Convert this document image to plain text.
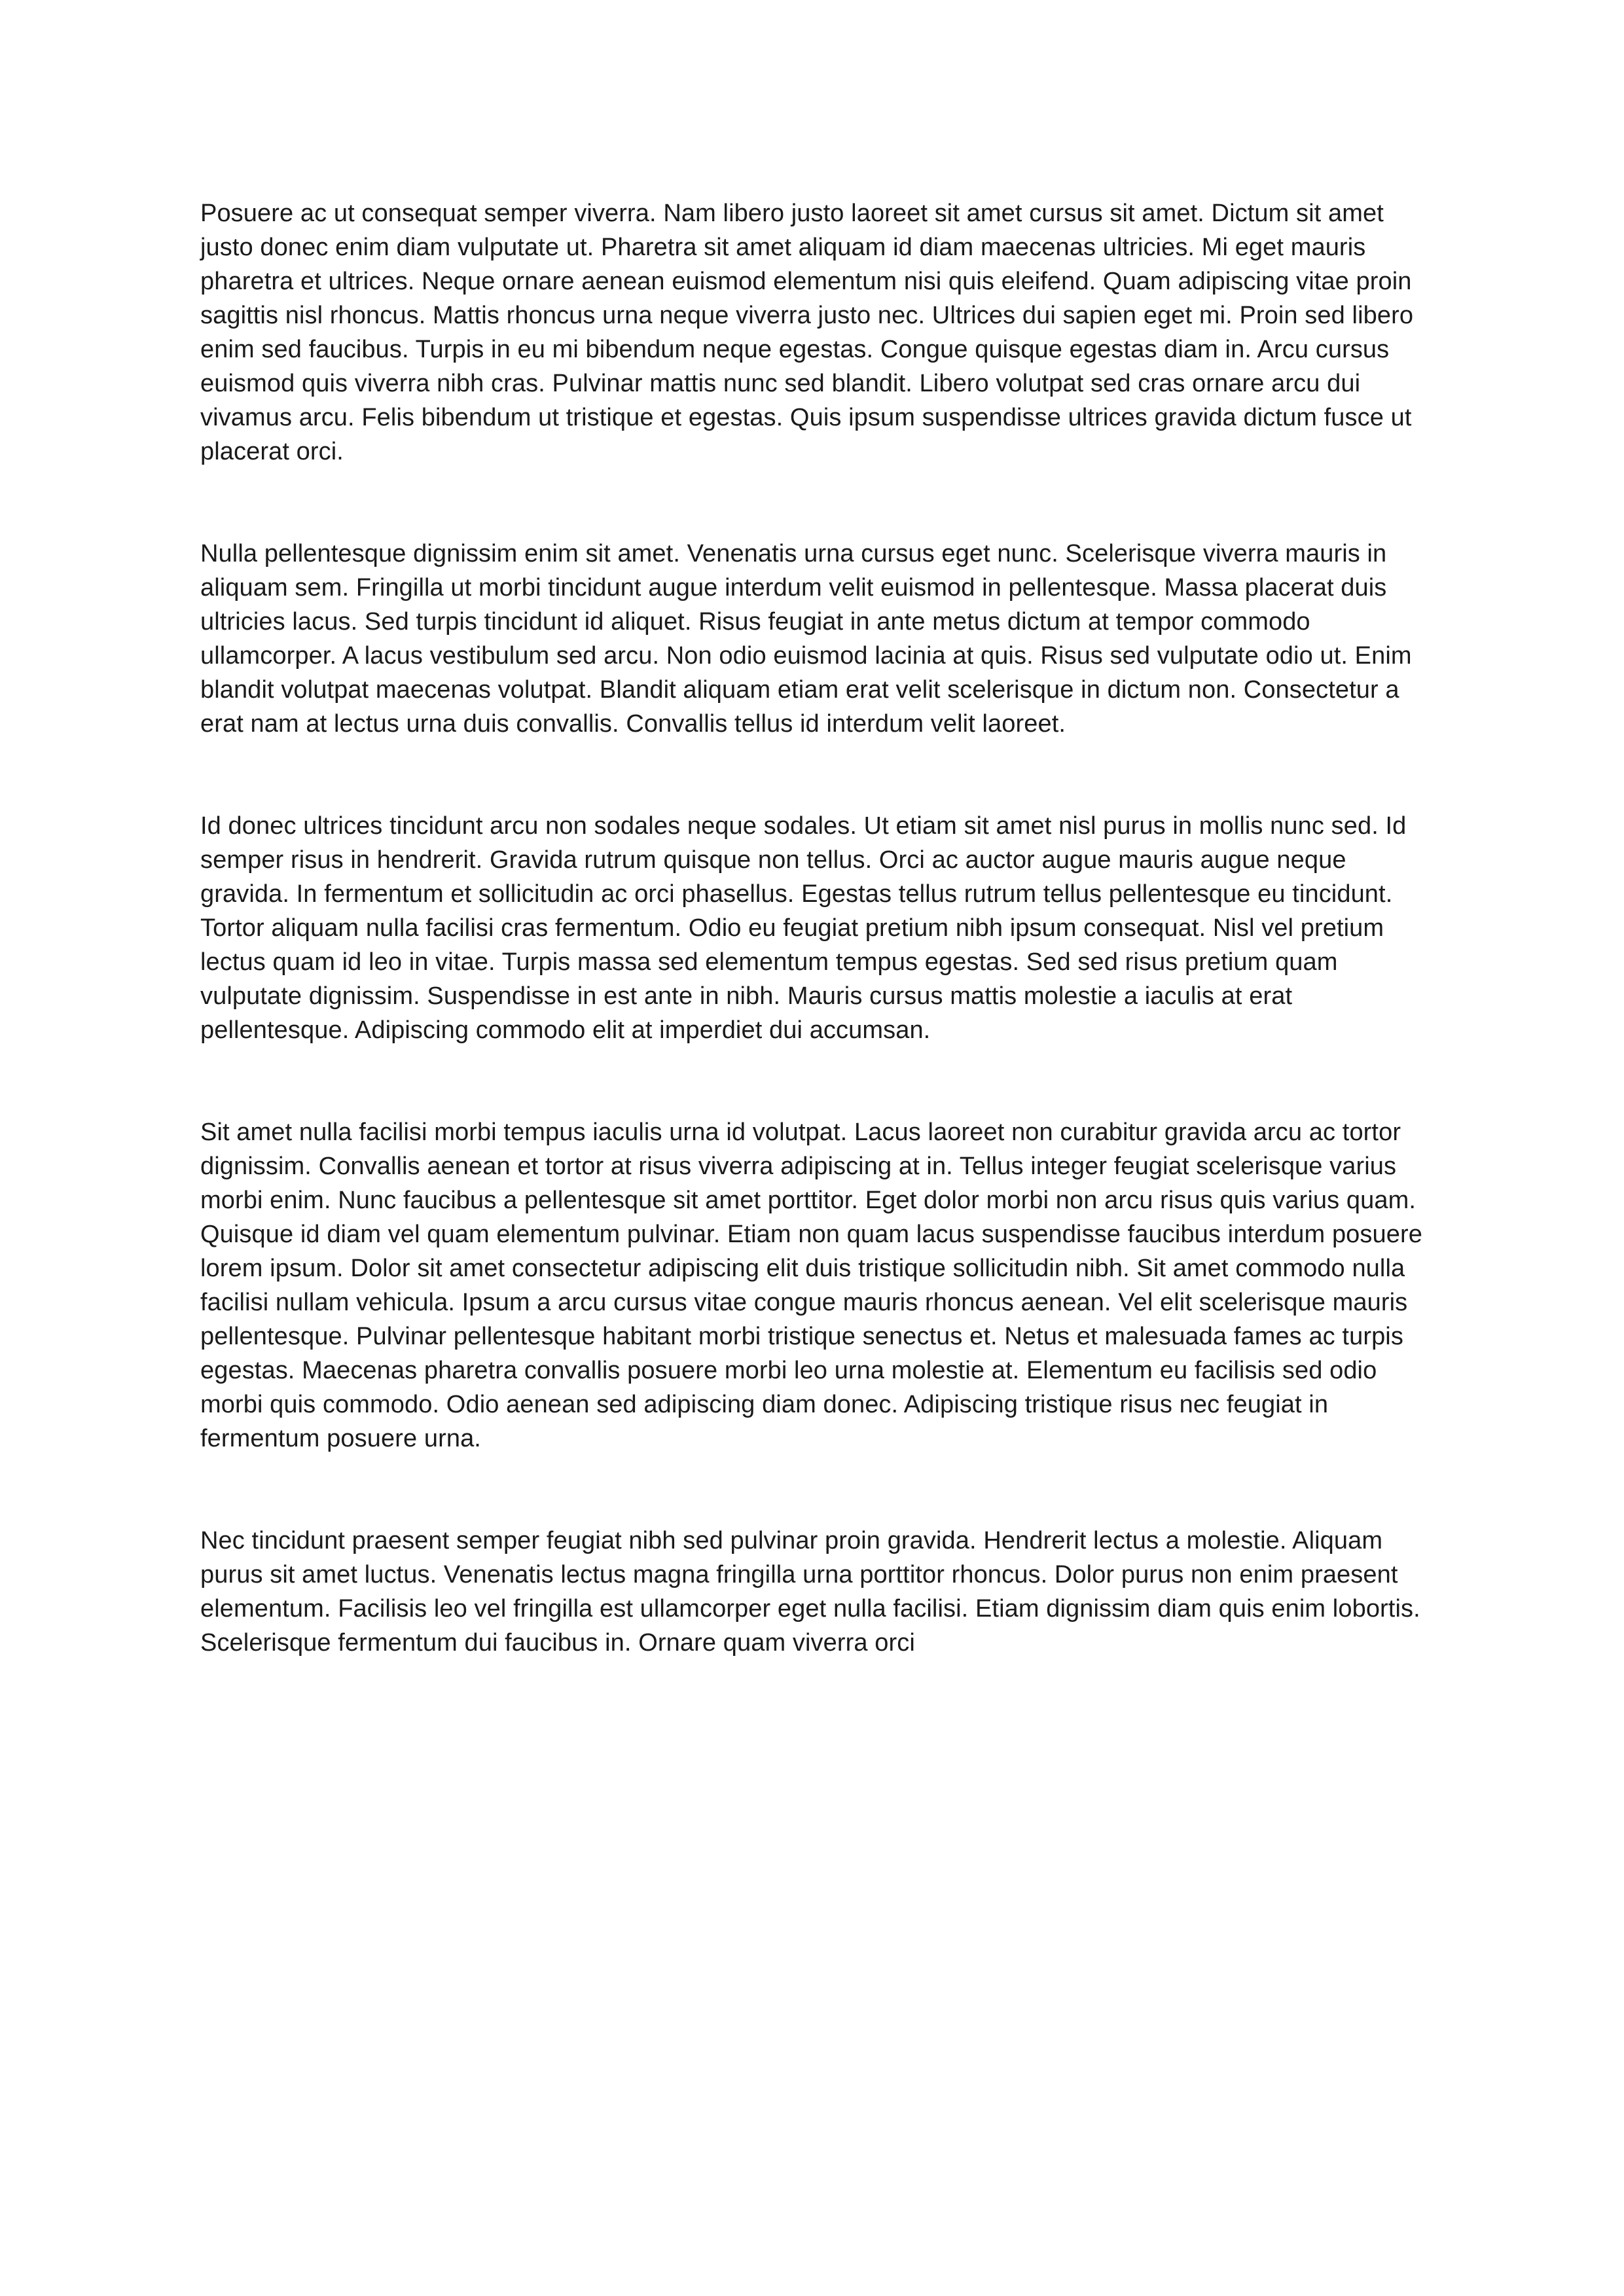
Posuere ac ut consequat semper viverra. Nam libero justo laoreet sit amet cursus sit amet. Dictum sit amet justo donec enim diam vulputate ut. Pharetra sit amet aliquam id diam maecenas ultricies. Mi eget mauris pharetra et ultrices. Neque ornare aenean euismod elementum nisi quis eleifend. Quam adipiscing vitae proin sagittis nisl rhoncus. Mattis rhoncus urna neque viverra justo nec. Ultrices dui sapien eget mi. Proin sed libero enim sed faucibus. Turpis in eu mi bibendum neque egestas. Congue quisque egestas diam in. Arcu cursus euismod quis viverra nibh cras. Pulvinar mattis nunc sed blandit. Libero volutpat sed cras ornare arcu dui vivamus arcu. Felis bibendum ut tristique et egestas. Quis ipsum suspendisse ultrices gravida dictum fusce ut placerat orci.

Nulla pellentesque dignissim enim sit amet. Venenatis urna cursus eget nunc. Scelerisque viverra mauris in aliquam sem. Fringilla ut morbi tincidunt augue interdum velit euismod in pellentesque. Massa placerat duis ultricies lacus. Sed turpis tincidunt id aliquet. Risus feugiat in ante metus dictum at tempor commodo ullamcorper. A lacus vestibulum sed arcu. Non odio euismod lacinia at quis. Risus sed vulputate odio ut. Enim blandit volutpat maecenas volutpat. Blandit aliquam etiam erat velit scelerisque in dictum non. Consectetur a erat nam at lectus urna duis convallis. Convallis tellus id interdum velit laoreet.

Id donec ultrices tincidunt arcu non sodales neque sodales. Ut etiam sit amet nisl purus in mollis nunc sed. Id semper risus in hendrerit. Gravida rutrum quisque non tellus. Orci ac auctor augue mauris augue neque gravida. In fermentum et sollicitudin ac orci phasellus. Egestas tellus rutrum tellus pellentesque eu tincidunt. Tortor aliquam nulla facilisi cras fermentum. Odio eu feugiat pretium nibh ipsum consequat. Nisl vel pretium lectus quam id leo in vitae. Turpis massa sed elementum tempus egestas. Sed sed risus pretium quam vulputate dignissim. Suspendisse in est ante in nibh. Mauris cursus mattis molestie a iaculis at erat pellentesque. Adipiscing commodo elit at imperdiet dui accumsan.

Sit amet nulla facilisi morbi tempus iaculis urna id volutpat. Lacus laoreet non curabitur gravida arcu ac tortor dignissim. Convallis aenean et tortor at risus viverra adipiscing at in. Tellus integer feugiat scelerisque varius morbi enim. Nunc faucibus a pellentesque sit amet porttitor. Eget dolor morbi non arcu risus quis varius quam. Quisque id diam vel quam elementum pulvinar. Etiam non quam lacus suspendisse faucibus interdum posuere lorem ipsum. Dolor sit amet consectetur adipiscing elit duis tristique sollicitudin nibh. Sit amet commodo nulla facilisi nullam vehicula. Ipsum a arcu cursus vitae congue mauris rhoncus aenean. Vel elit scelerisque mauris pellentesque. Pulvinar pellentesque habitant morbi tristique senectus et. Netus et malesuada fames ac turpis egestas. Maecenas pharetra convallis posuere morbi leo urna molestie at. Elementum eu facilisis sed odio morbi quis commodo. Odio aenean sed adipiscing diam donec. Adipiscing tristique risus nec feugiat in fermentum posuere urna.

Nec tincidunt praesent semper feugiat nibh sed pulvinar proin gravida. Hendrerit lectus a molestie. Aliquam purus sit amet luctus. Venenatis lectus magna fringilla urna porttitor rhoncus. Dolor purus non enim praesent elementum. Facilisis leo vel fringilla est ullamcorper eget nulla facilisi. Etiam dignissim diam quis enim lobortis. Scelerisque fermentum dui faucibus in. Ornare quam viverra orci
